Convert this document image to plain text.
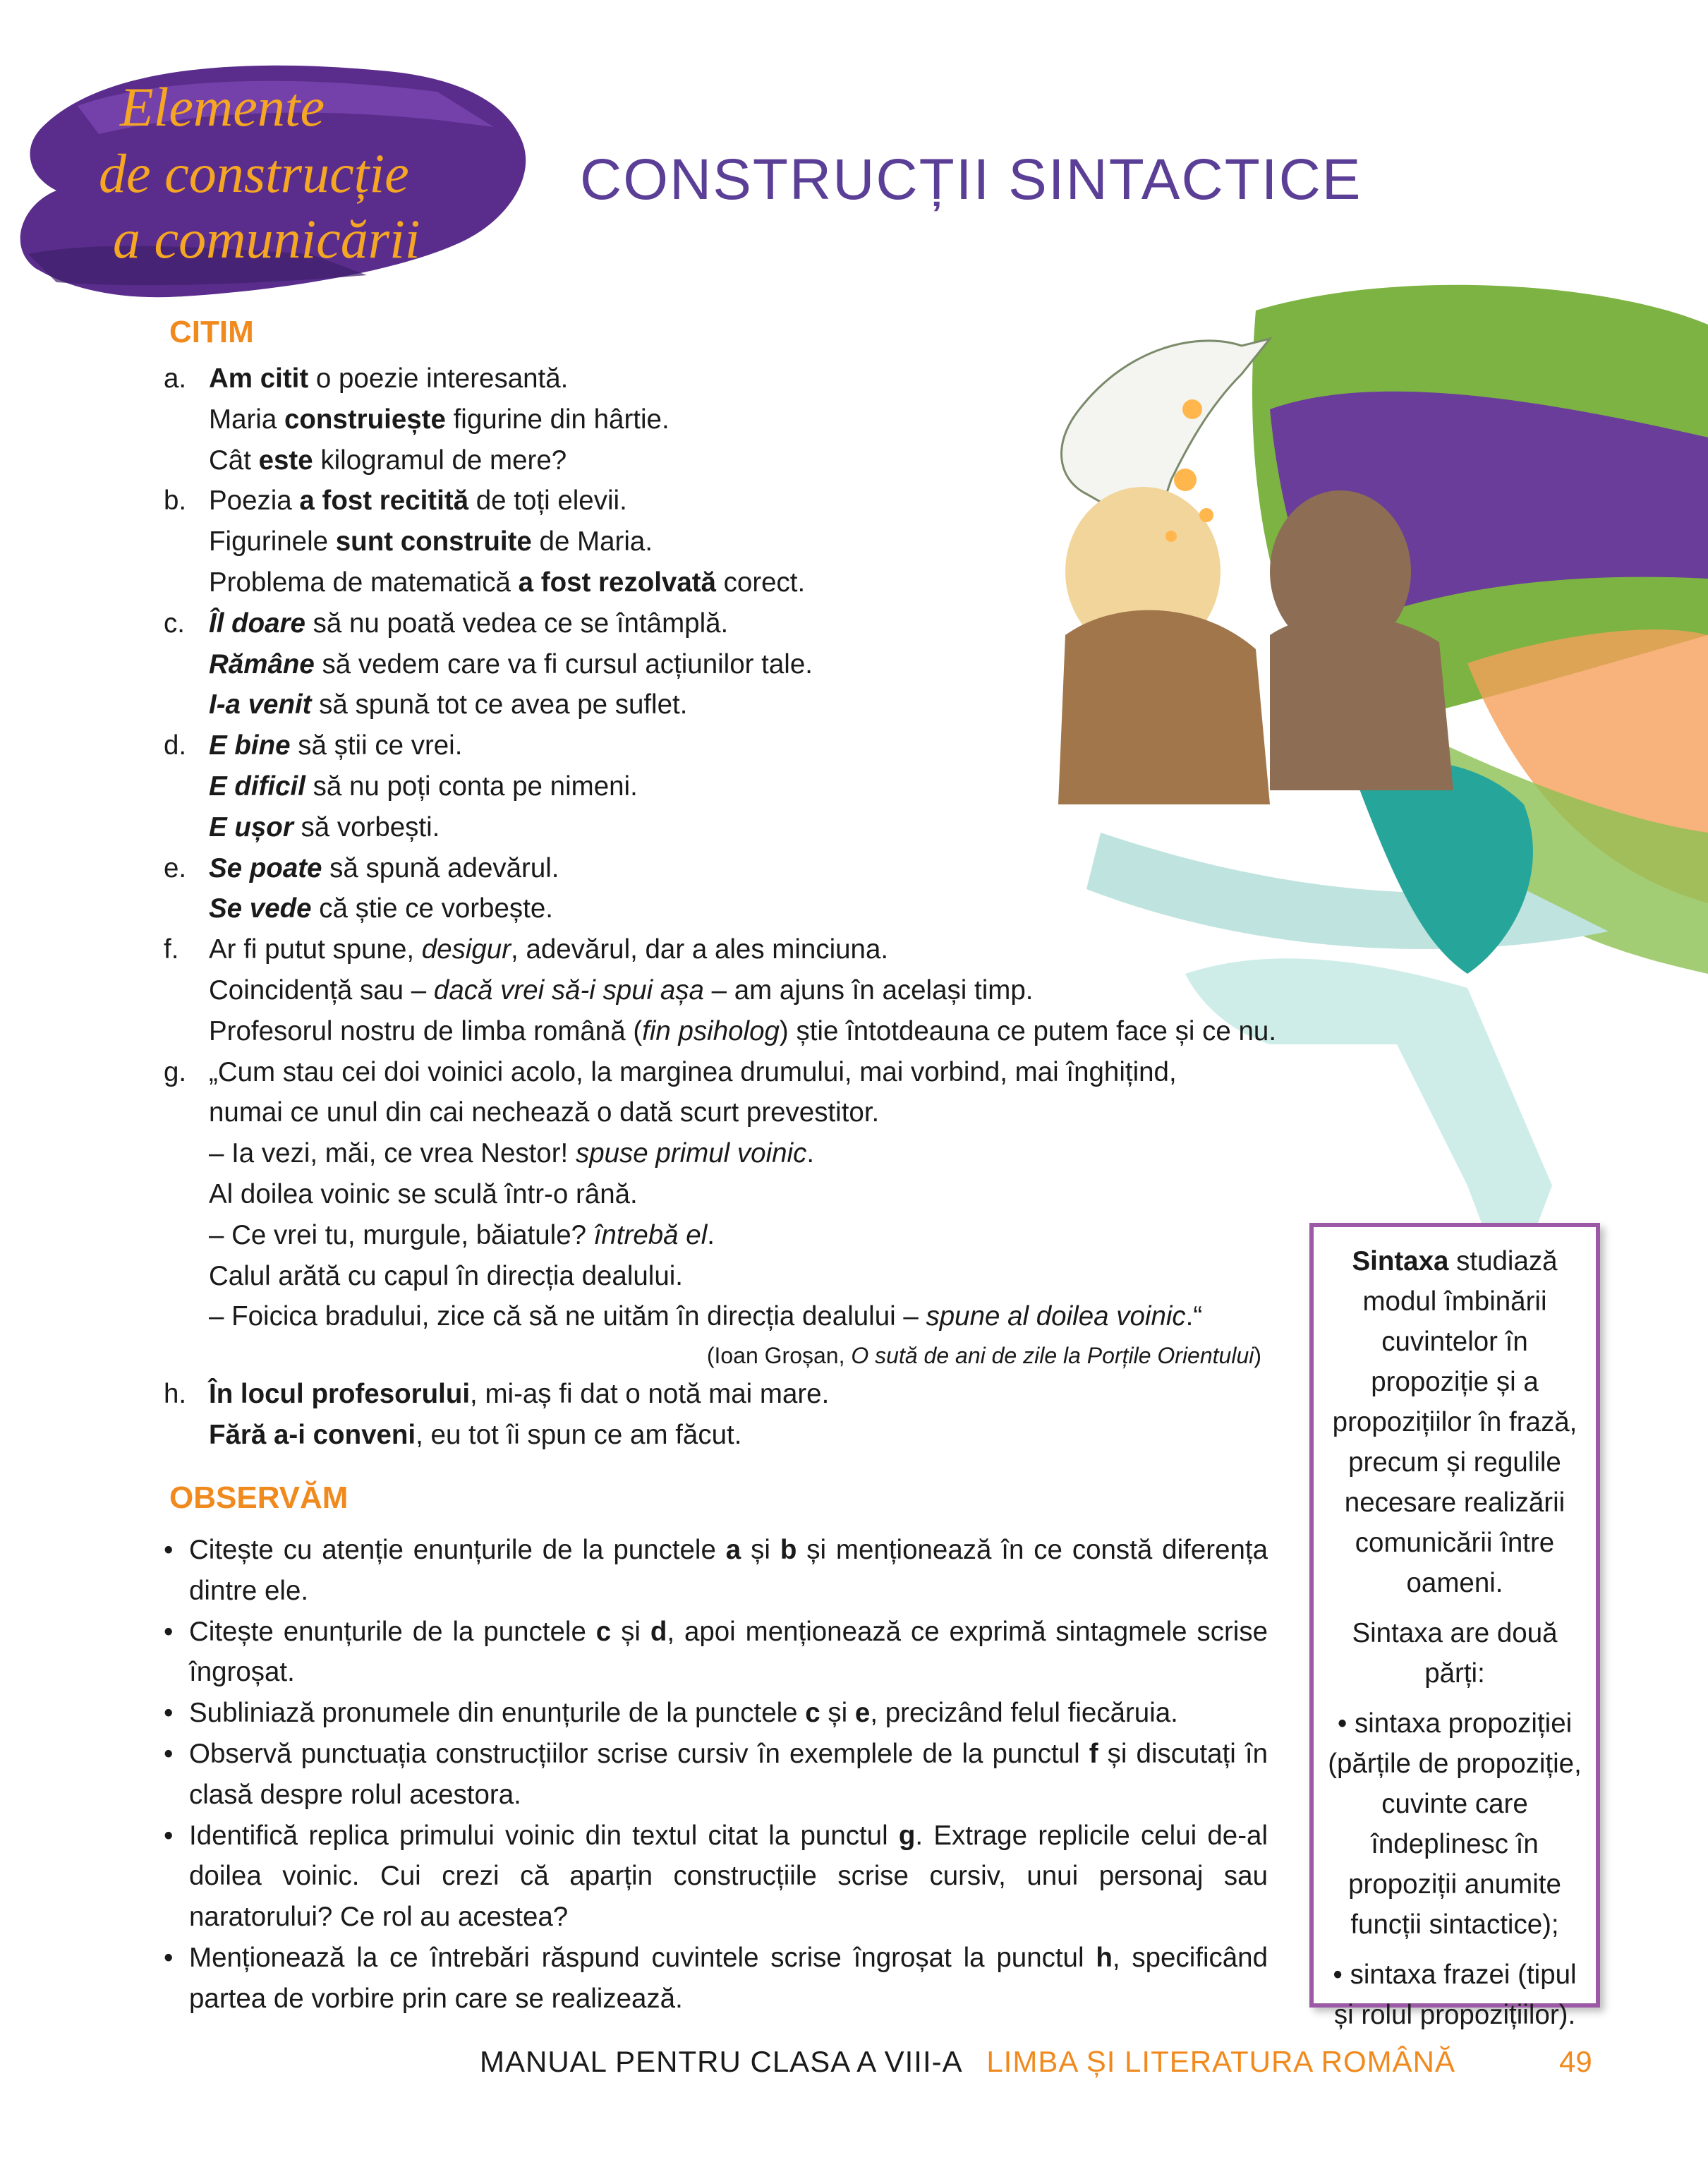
Elemente
de construcție
a comunicării
CONSTRUCȚII SINTACTICE
CITIM
a. Am citit o poezie interesantă.
Maria construiește figurine din hârtie.
Cât este kilogramul de mere?
b. Poezia a fost recitită de toți elevii.
Figurinele sunt construite de Maria.
Problema de matematică a fost rezolvată corect.
c. Îl doare să nu poată vedea ce se întâmplă.
Rămâne să vedem care va fi cursul acțiunilor tale.
I-a venit să spună tot ce avea pe suflet.
d. E bine să știi ce vrei.
E dificil să nu poți conta pe nimeni.
E ușor să vorbești.
e. Se poate să spună adevărul.
Se vede că știe ce vorbește.
f. Ar fi putut spune, desigur, adevărul, dar a ales minciuna.
Coincidență sau – dacă vrei să-i spui așa – am ajuns în același timp.
Profesorul nostru de limba română (fin psiholog) știe întotdeauna ce putem face și ce nu.
g. „Cum stau cei doi voinici acolo, la marginea drumului, mai vorbind, mai înghițind,
numai ce unul din cai nechează o dată scurt prevestitor.
– Ia vezi, măi, ce vrea Nestor! spuse primul voinic.
Al doilea voinic se sculă într-o rână.
– Ce vrei tu, murgule, băiatule? întrebă el.
Calul arătă cu capul în direcția dealului.
– Foicica bradului, zice că să ne uităm în direcția dealului – spune al doilea voinic.“
(Ioan Groșan, O sută de ani de zile la Porțile Orientului)
h. În locul profesorului, mi-aș fi dat o notă mai mare.
Fără a-i conveni, eu tot îi spun ce am făcut.
OBSERVĂM
• Citește cu atenție enunțurile de la punctele a și b și menționează în ce constă diferența dintre ele.
• Citește enunțurile de la punctele c și d, apoi menționează ce exprimă sintagmele scrise îngroșat.
• Subliniază pronumele din enunțurile de la punctele c și e, precizând felul fiecăruia.
• Observă punctuația construcțiilor scrise cursiv în exemplele de la punctul f și discutați în clasă despre rolul acestora.
• Identifică replica primului voinic din textul citat la punctul g. Extrage replicile celui de-al doilea voinic. Cui crezi că aparțin construcțiile scrise cursiv, unui personaj sau naratorului? Ce rol au acestea?
• Menționează la ce întrebări răspund cuvintele scrise îngroșat la punctul h, specificând partea de vorbire prin care se realizează.

Sintaxa studiază modul îmbinării cuvintelor în propoziție și a propozițiilor în frază, precum și regulile necesare realizării comunicării între oameni.

Sintaxa are două părți:

• sintaxa propoziției (părțile de propoziție, cuvinte care îndeplinesc în propoziții anumite funcții sintactice);

• sintaxa frazei (tipul și rolul propozițiilor).

MANUAL PENTRU CLASA A VIII-A LIMBA ȘI LITERATURA ROMÂNĂ	49
